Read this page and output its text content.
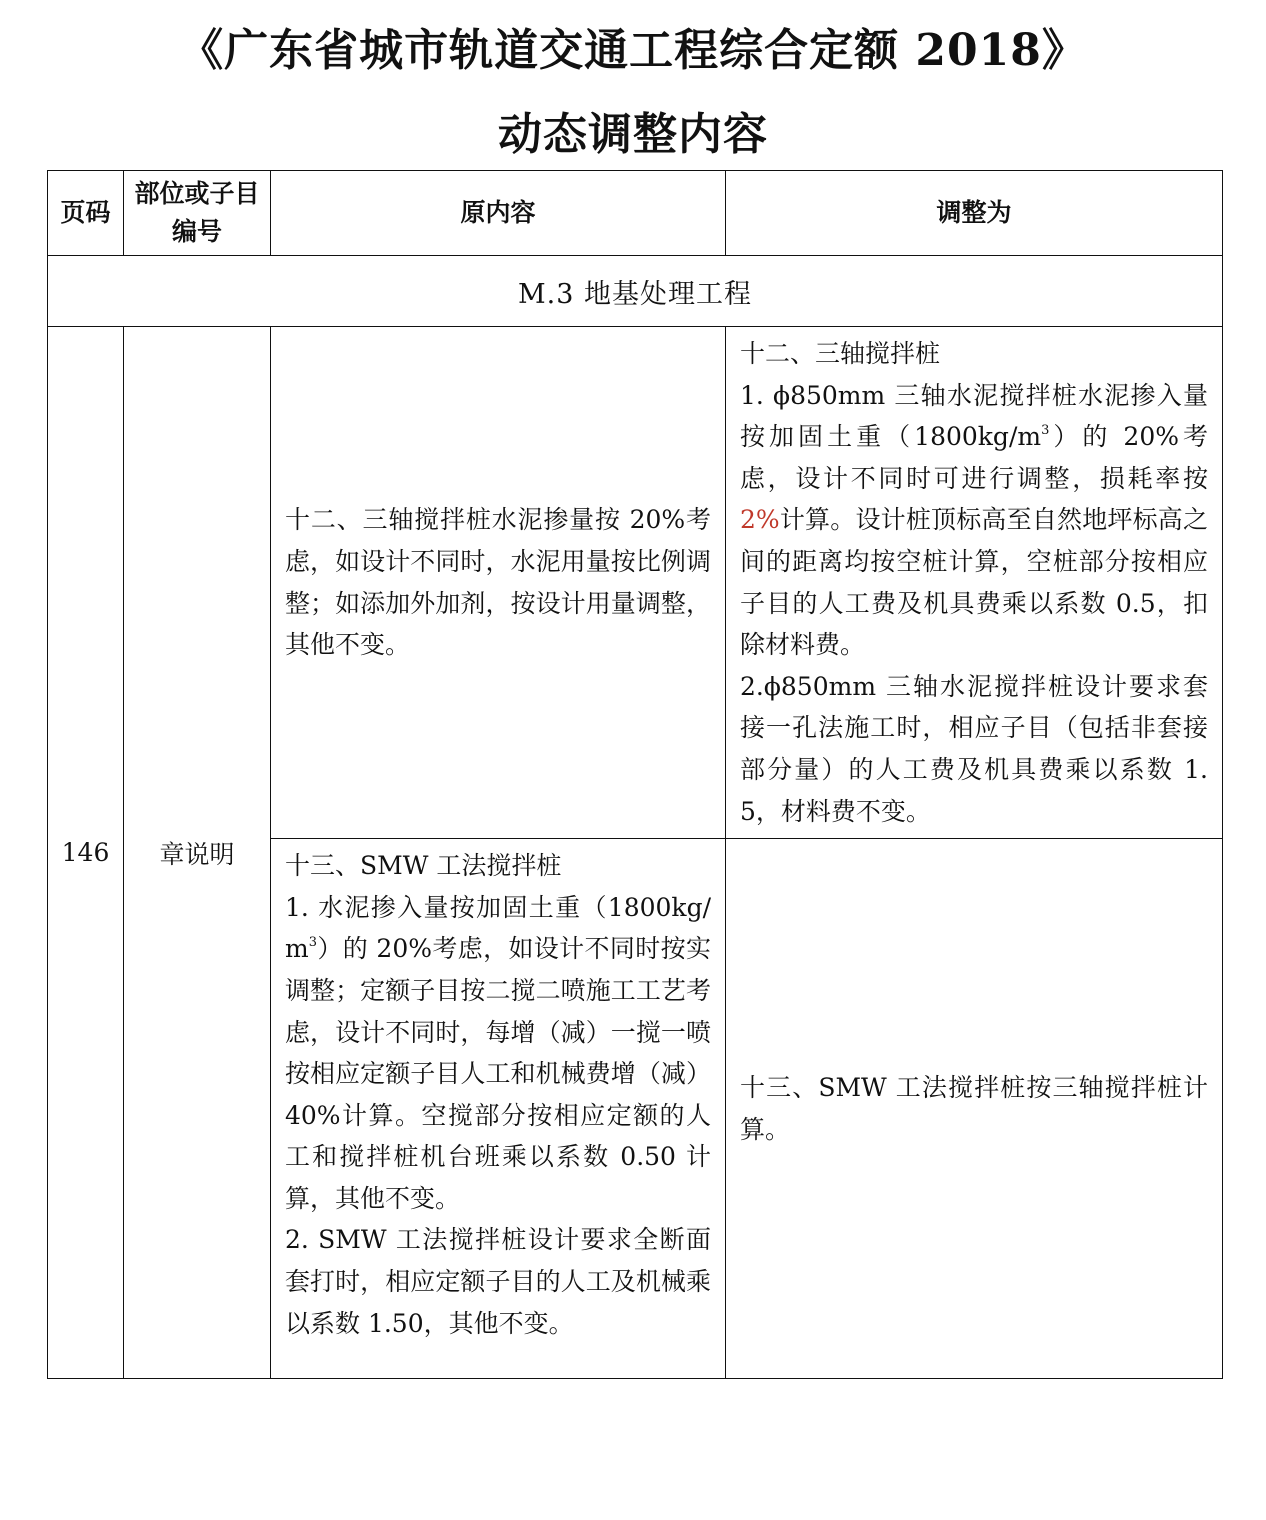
《广东省城市轨道交通工程综合定额 2018》
动态调整内容
页码	部位或子目编号	原内容	调整为
M.3 地基处理工程			
146	章说明	十二、三轴搅拌桩水泥掺量按 20%考虑，如设计不同时，水泥用量按比例调整；如添加外加剂，按设计用量调整，其他不变。	十二、三轴搅拌桩
1. ϕ850mm 三轴水泥搅拌桩水泥掺入量按加固土重$(1800kg/m^3)$的 20%考虑，设计不同时可进行调整，损耗率按 2%计算。设计桩顶标高至自然地坪标高之间的距离均按空桩计算，空桩部分按相应子目的人工费及机具费乘以系数 0.5，扣除材料费。
2.ϕ850mm 三轴水泥搅拌桩设计要求套接一孔法施工时，相应子目（包括非套接部分量）的人工费及机具费乘以系数 1.5，材料费不变。

		十三、SMW 工法搅拌桩
1. 水泥掺入量按加固土重$(1800kg/m^3)$的 20%考虑，如设计不同时按实调整；定额子目按二搅二喷施工工艺考虑，设计不同时，每增（减）一搅一喷按相应定额子目人工和机械费增（减）40%计算。空搅部分按相应定额的人工和搅拌桩机台班乘以系数 0.50 计算，其他不变。
2. SMW 工法搅拌桩设计要求全断面套打时，相应定额子目的人工及机械乘以系数 1.50，其他不变。	十三、SMW 工法搅拌桩按三轴搅拌桩计算。
